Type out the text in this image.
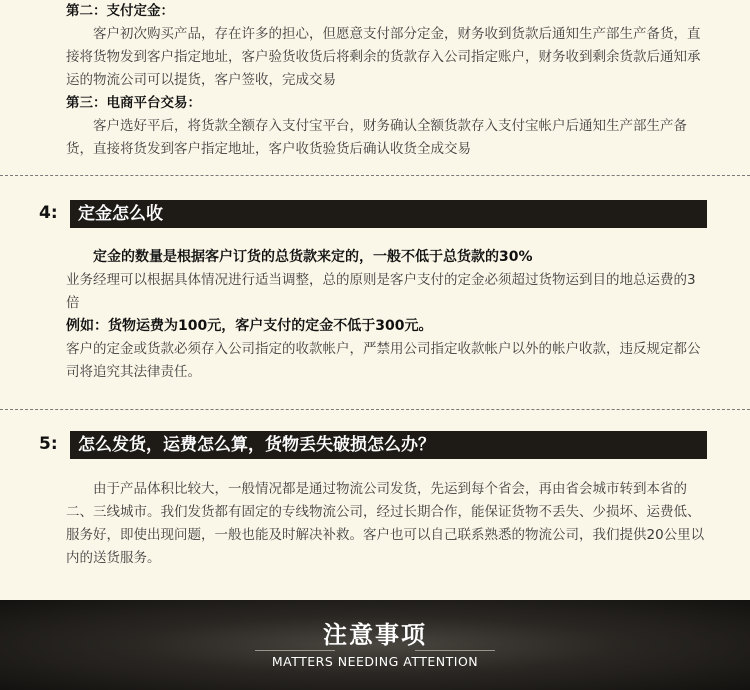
第二：支付定金：
客户初次购买产品，存在许多的担心，但愿意支付部分定金，财务收到货款后通知生产部生产备货，直接将货物发到客户指定地址，客户验货收货后将剩余的货款存入公司指定账户，财务收到剩余货款后通知承运的物流公司可以提货，客户签收，完成交易
第三：电商平台交易：
客户选好平后，将货款全额存入支付宝平台，财务确认全额货款存入支付宝帐户后通知生产部生产备货，直接将货发到客户指定地址，客户收货验货后确认收货全成交易
4:	定金怎么收
定金的数量是根据客户订货的总货款来定的，一般不低于总货款的30%
业务经理可以根据具体情况进行适当调整，总的原则是客户支付的定金必须超过货物运到目的地总运费的3倍
例如：货物运费为100元，客户支付的定金不低于300元。
客户的定金或货款必须存入公司指定的收款帐户，严禁用公司指定收款帐户以外的帐户收款，违反规定都公司将追究其法律责任。
5:	怎么发货，运费怎么算，货物丢失破损怎么办？
由于产品体积比较大，一般情况都是通过物流公司发货，先运到每个省会，再由省会城市转到本省的二、三线城市。我们发货都有固定的专线物流公司，经过长期合作，能保证货物不丢失、少损坏、运费低、服务好，即使出现问题，一般也能及时解决补救。客户也可以自己联系熟悉的物流公司，我们提供20公里以内的送货服务。
注意事项
MATTERS NEEDING ATTENTION
